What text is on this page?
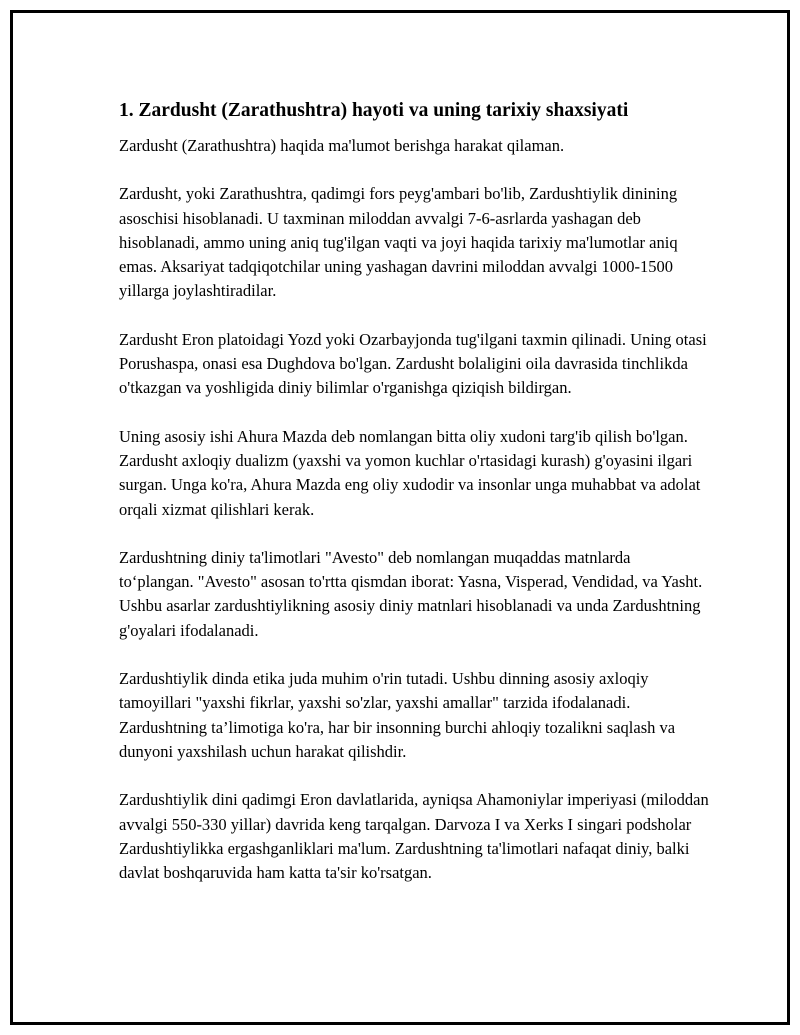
1. Zardusht (Zarathushtra) hayoti va uning tarixiy shaxsiyati

Zardusht (Zarathushtra) haqida ma'lumot berishga harakat qilaman.

Zardusht, yoki Zarathushtra, qadimgi fors peyg'ambari bo'lib, Zardushtiylik dinining asoschisi hisoblanadi. U taxminan miloddan avvalgi 7-6-asrlarda yashagan deb hisoblanadi, ammo uning aniq tug'ilgan vaqti va joyi haqida tarixiy ma'lumotlar aniq emas. Aksariyat tadqiqotchilar uning yashagan davrini miloddan avvalgi 1000-1500 yillarga joylashtiradilar.

Zardusht Eron platoidagi Yozd yoki Ozarbayjonda tug'ilgani taxmin qilinadi. Uning otasi Porushaspa, onasi esa Dughdova bo'lgan. Zardusht bolaligini oila davrasida tinchlikda o'tkazgan va yoshligida diniy bilimlar o'rganishga qiziqish bildirgan.

Uning asosiy ishi Ahura Mazda deb nomlangan bitta oliy xudoni targ'ib qilish bo'lgan. Zardusht axloqiy dualizm (yaxshi va yomon kuchlar o'rtasidagi kurash) g'oyasini ilgari surgan. Unga ko'ra, Ahura Mazda eng oliy xudodir va insonlar unga muhabbat va adolat orqali xizmat qilishlari kerak.

Zardushtning diniy ta'limotlari "Avesto" deb nomlangan muqaddas matnlarda to‘plangan. "Avesto" asosan to'rtta qismdan iborat: Yasna, Visperad, Vendidad, va Yasht. Ushbu asarlar zardushtiylikning asosiy diniy matnlari hisoblanadi va unda Zardushtning g'oyalari ifodalanadi.

Zardushtiylik dinda etika juda muhim o'rin tutadi. Ushbu dinning asosiy axloqiy tamoyillari "yaxshi fikrlar, yaxshi so'zlar, yaxshi amallar" tarzida ifodalanadi. Zardushtning ta’limotiga ko'ra, har bir insonning burchi ahloqiy tozalikni saqlash va dunyoni yaxshilash uchun harakat qilishdir.

Zardushtiylik dini qadimgi Eron davlatlarida, ayniqsa Ahamoniylar imperiyasi (miloddan avvalgi 550-330 yillar) davrida keng tarqalgan. Darvoza I va Xerks I singari podsholar Zardushtiylikka ergashganliklari ma'lum. Zardushtning ta'limotlari nafaqat diniy, balki davlat boshqaruvida ham katta ta'sir ko'rsatgan.
